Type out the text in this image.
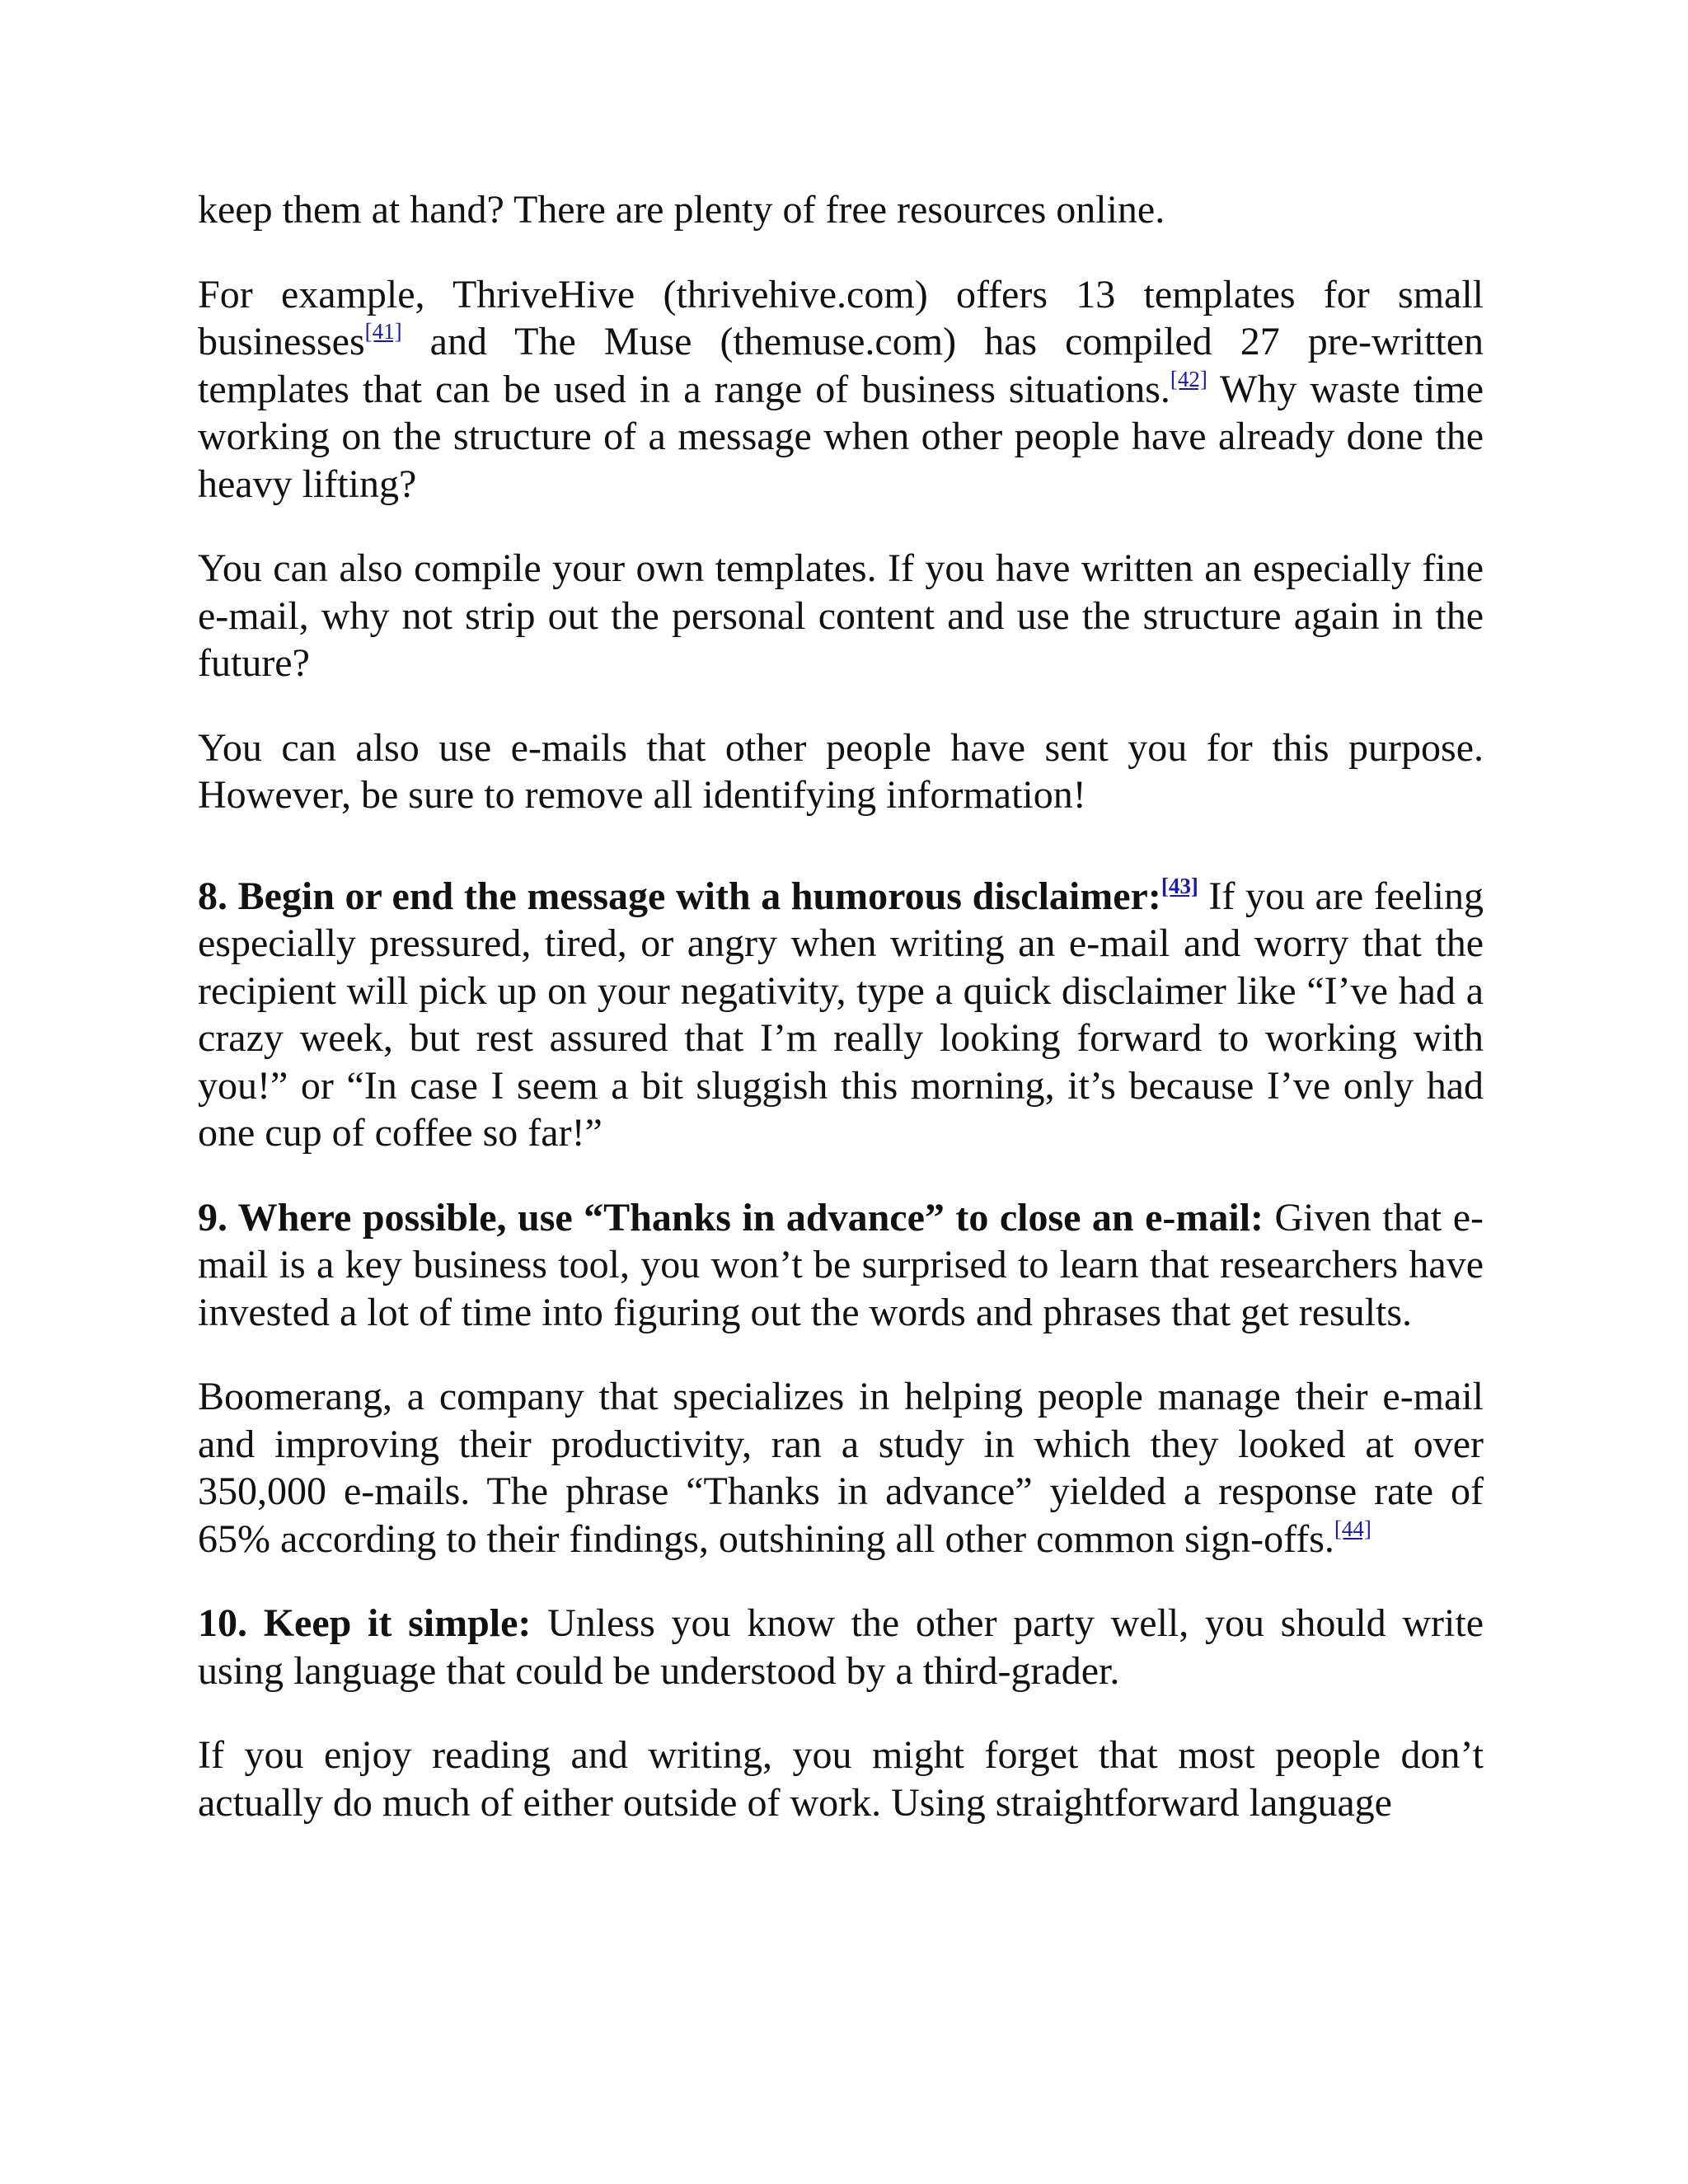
keep them at hand? There are plenty of free resources online.

For example, ThriveHive (thrivehive.com) offers 13 templates for small businesses[41] and The Muse (themuse.com) has compiled 27 pre-written templates that can be used in a range of business situations.[42] Why waste time working on the structure of a message when other people have already done the heavy lifting?

You can also compile your own templates. If you have written an especially fine e-mail, why not strip out the personal content and use the structure again in the future?

You can also use e-mails that other people have sent you for this purpose. However, be sure to remove all identifying information!

8. Begin or end the message with a humorous disclaimer:[43] If you are feeling especially pressured, tired, or angry when writing an e-mail and worry that the recipient will pick up on your negativity, type a quick disclaimer like “I’ve had a crazy week, but rest assured that I’m really looking forward to working with you!” or “In case I seem a bit sluggish this morning, it’s because I’ve only had one cup of coffee so far!”

9. Where possible, use “Thanks in advance” to close an e-mail: Given that e-mail is a key business tool, you won’t be surprised to learn that researchers have invested a lot of time into figuring out the words and phrases that get results.

Boomerang, a company that specializes in helping people manage their e-mail and improving their productivity, ran a study in which they looked at over 350,000 e-mails. The phrase “Thanks in advance” yielded a response rate of 65% according to their findings, outshining all other common sign-offs.[44]

10. Keep it simple: Unless you know the other party well, you should write using language that could be understood by a third-grader.

If you enjoy reading and writing, you might forget that most people don’t actually do much of either outside of work. Using straightforward language
